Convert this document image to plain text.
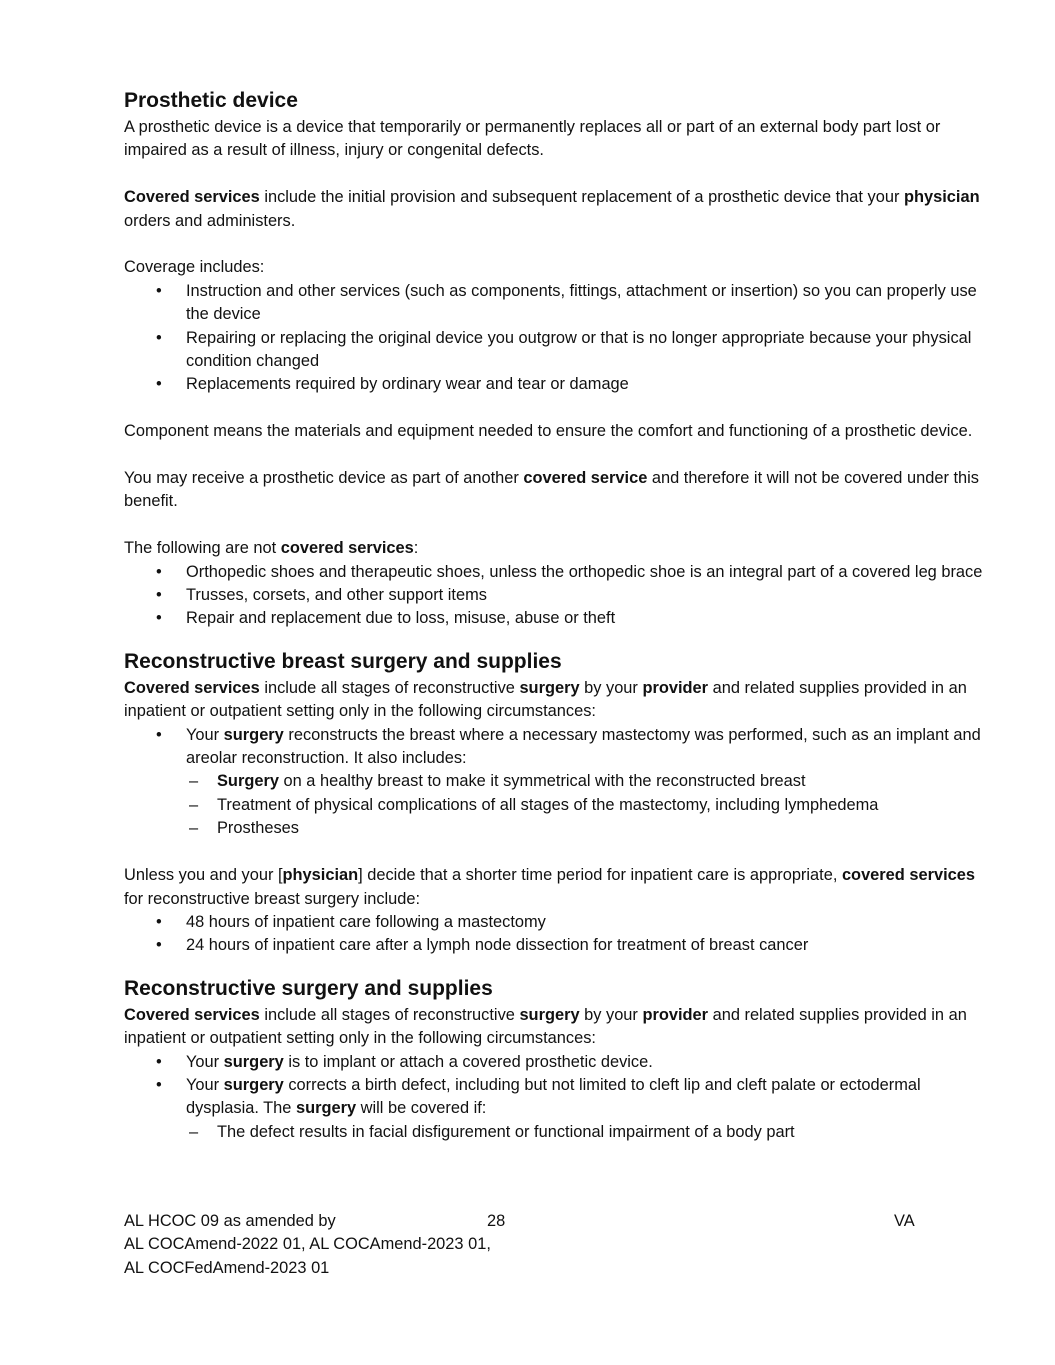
Prosthetic device

A prosthetic device is a device that temporarily or permanently replaces all or part of an external body part lost or impaired as a result of illness, injury or congenital defects.

Covered services include the initial provision and subsequent replacement of a prosthetic device that your physician orders and administers.

Coverage includes:

• Instruction and other services (such as components, fittings, attachment or insertion) so you can properly use the device
• Repairing or replacing the original device you outgrow or that is no longer appropriate because your physical condition changed
• Replacements required by ordinary wear and tear or damage

Component means the materials and equipment needed to ensure the comfort and functioning of a prosthetic device.

You may receive a prosthetic device as part of another covered service and therefore it will not be covered under this benefit.

The following are not covered services:

• Orthopedic shoes and therapeutic shoes, unless the orthopedic shoe is an integral part of a covered leg brace
• Trusses, corsets, and other support items
• Repair and replacement due to loss, misuse, abuse or theft
Reconstructive breast surgery and supplies

Covered services include all stages of reconstructive surgery by your provider and related supplies provided in an inpatient or outpatient setting only in the following circumstances:

• Your surgery reconstructs the breast where a necessary mastectomy was performed, such as an implant and areolar reconstruction. It also includes:
– Surgery on a healthy breast to make it symmetrical with the reconstructed breast
– Treatment of physical complications of all stages of the mastectomy, including lymphedema
– Prostheses

Unless you and your [physician] decide that a shorter time period for inpatient care is appropriate, covered services for reconstructive breast surgery include:

• 48 hours of inpatient care following a mastectomy
• 24 hours of inpatient care after a lymph node dissection for treatment of breast cancer
Reconstructive surgery and supplies

Covered services include all stages of reconstructive surgery by your provider and related supplies provided in an inpatient or outpatient setting only in the following circumstances:

• Your surgery is to implant or attach a covered prosthetic device.
• Your surgery corrects a birth defect, including but not limited to cleft lip and cleft palate or ectodermal dysplasia. The surgery will be covered if:
– The defect results in facial disfigurement or functional impairment of a body part
AL HCOC 09 as amended by
AL COCAmend-2022 01, AL COCAmend-2023 01,
AL COCFedAmend-2023 01
28	VA
